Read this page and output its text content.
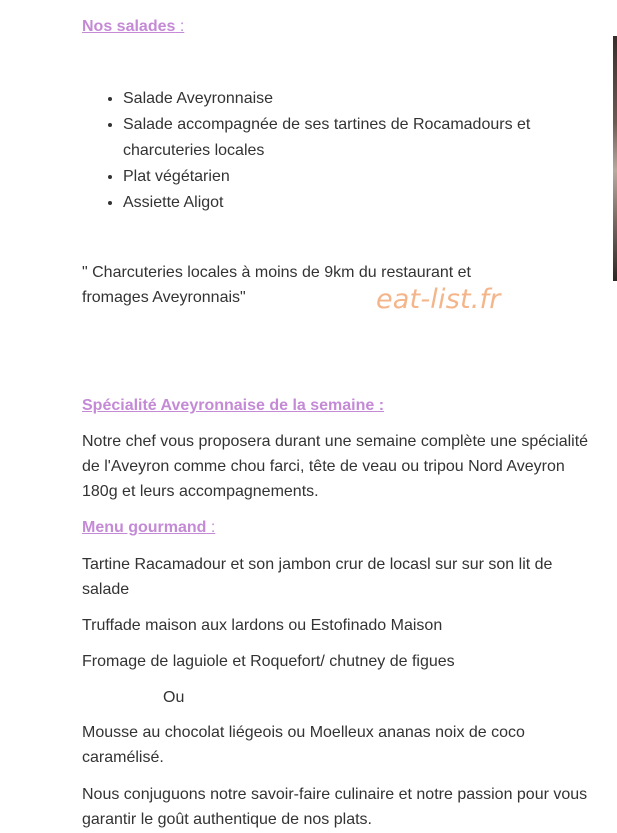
Nos salades :
• Salade Aveyronnaise
• Salade accompagnée de ses tartines de Rocamadours et charcuteries locales
• Plat végétarien
• Assiette Aligot
" Charcuteries locales à moins de 9km du restaurant et fromages Aveyronnais"	eat-list.fr
Spécialité Aveyronnaise de la semaine :
Notre chef vous proposera durant une semaine complète une spécialité de l'Aveyron comme chou farci, tête de veau ou tripou Nord Aveyron 180g et leurs accompagnements.
Menu gourmand :
Tartine Racamadour et son jambon crur de locasl sur sur son lit de salade
Truffade maison aux lardons ou Estofinado Maison
Fromage de laguiole et Roquefort/ chutney de figues
Ou
Mousse au chocolat liégeois ou Moelleux ananas noix de coco caramélisé.
Nous conjuguons notre savoir-faire culinaire et notre passion pour vous garantir le goût authentique de nos plats.
